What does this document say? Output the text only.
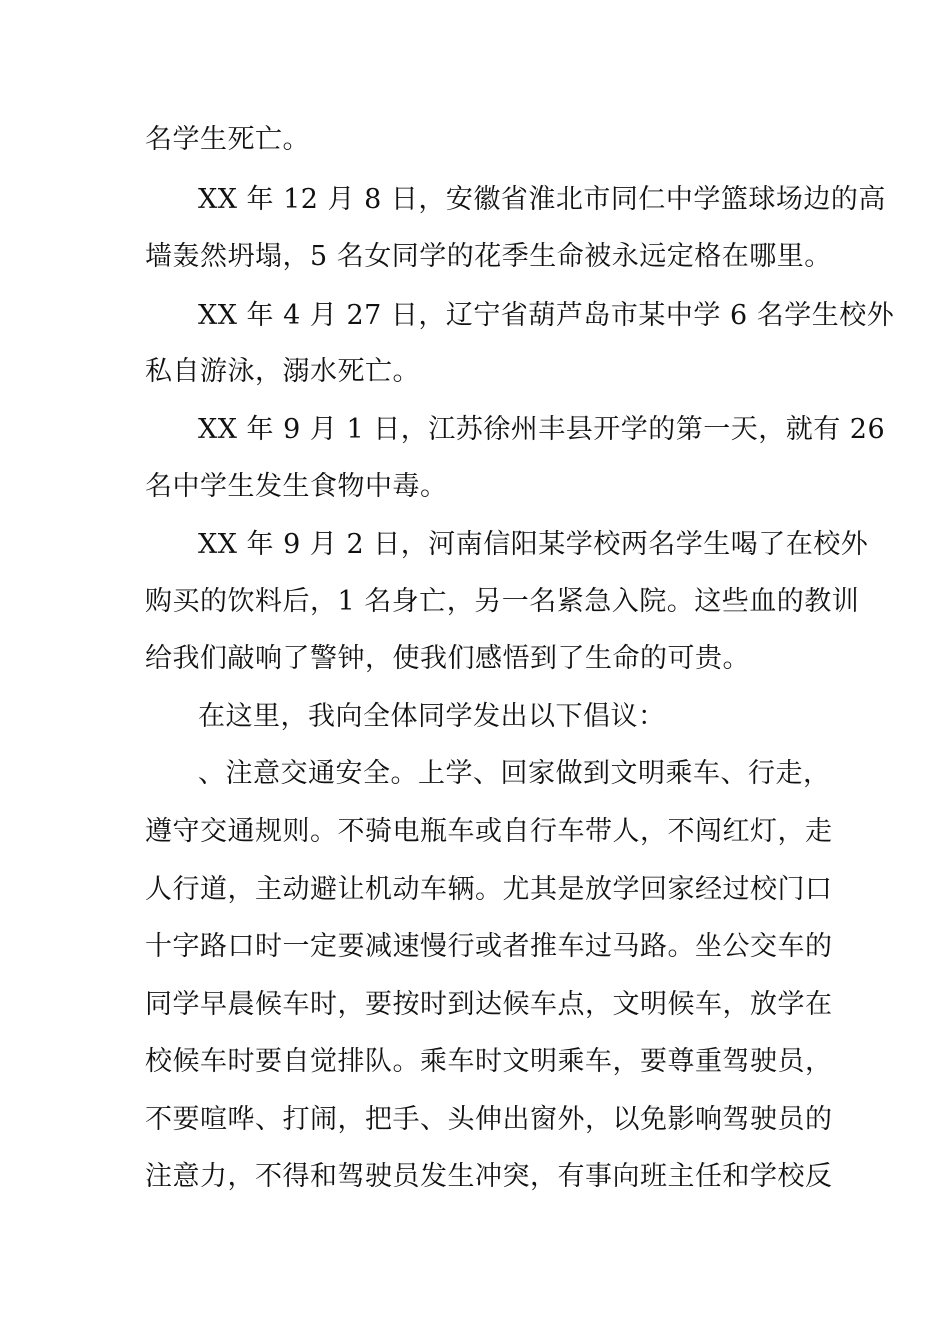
名学生死亡。
XX 年 12 月 8 日，安徽省淮北市同仁中学篮球场边的高
墙轰然坍塌，5 名女同学的花季生命被永远定格在哪里。
XX 年 4 月 27 日，辽宁省葫芦岛市某中学 6 名学生校外
私自游泳，溺水死亡。
XX 年 9 月 1 日，江苏徐州丰县开学的第一天，就有 26
名中学生发生食物中毒。
XX 年 9 月 2 日，河南信阳某学校两名学生喝了在校外
购买的饮料后，1 名身亡，另一名紧急入院。这些血的教训
给我们敲响了警钟，使我们感悟到了生命的可贵。
在这里，我向全体同学发出以下倡议：
、注意交通安全。上学、回家做到文明乘车、行走，
遵守交通规则。不骑电瓶车或自行车带人，不闯红灯，走
人行道，主动避让机动车辆。尤其是放学回家经过校门口
十字路口时一定要减速慢行或者推车过马路。坐公交车的
同学早晨候车时，要按时到达候车点，文明候车，放学在
校候车时要自觉排队。乘车时文明乘车，要尊重驾驶员，
不要喧哗、打闹，把手、头伸出窗外，以免影响驾驶员的
注意力，不得和驾驶员发生冲突，有事向班主任和学校反
